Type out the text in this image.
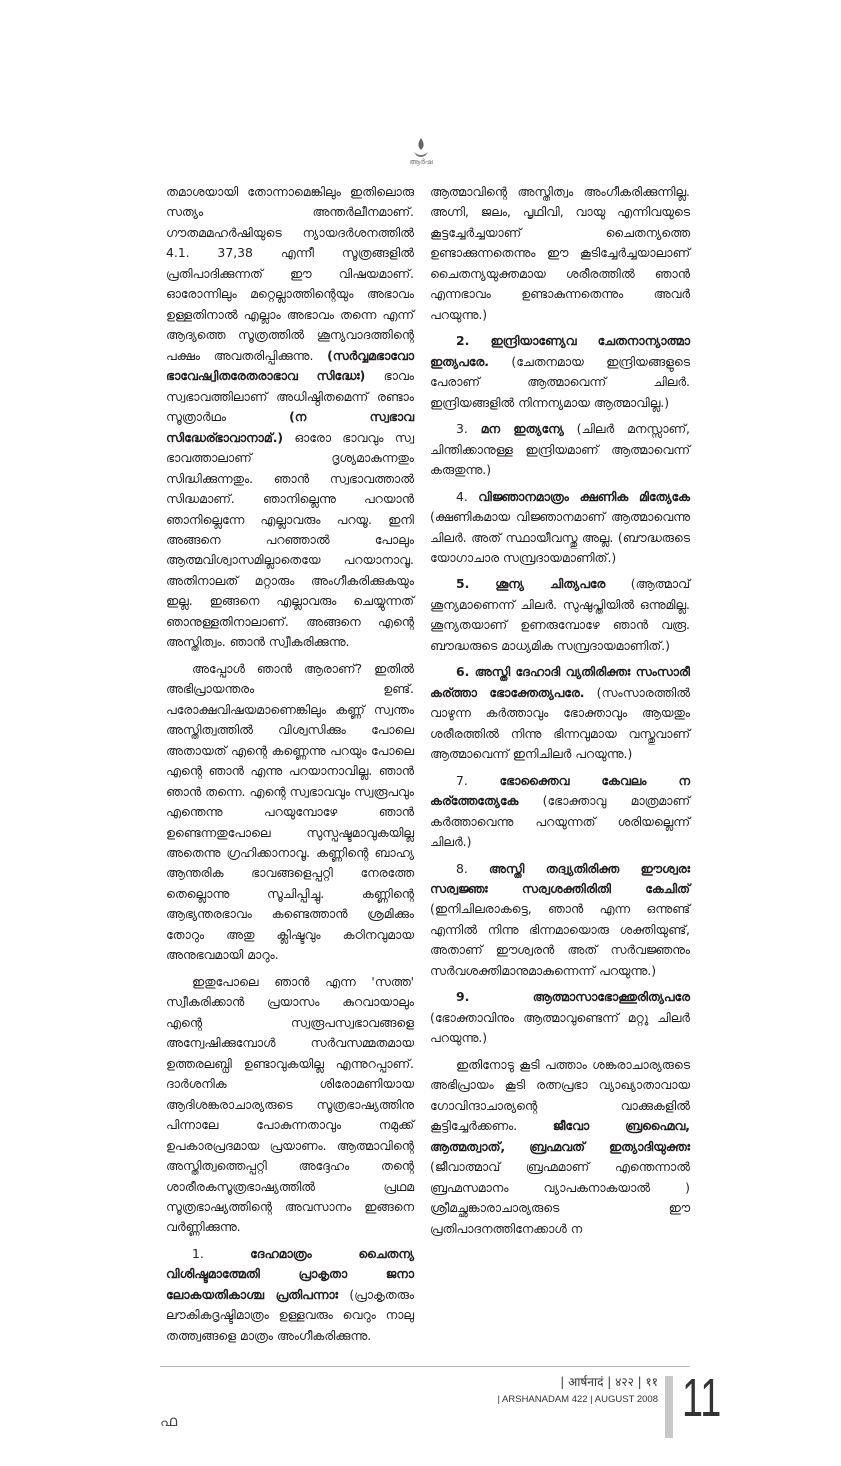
ആർഷ

തമാശയായി തോന്നാമെങ്കിലും ഇതിലൊരു സത്യം അന്തർലീനമാണ്. ഗൗതമമഹർഷിയുടെ ന്യായദർശനത്തിൽ 4.1. 37,38 എന്നീ സൂത്രങ്ങളിൽ പ്രതിപാദിക്കുന്നത് ഈ വിഷയമാണ്. ഓരോന്നിലും മറ്റെല്ലാത്തിന്റെയും അഭാവം ഉള്ളതിനാൽ എല്ലാം അഭാവം തന്നെ എന്ന് ആദ്യത്തെ സൂത്രത്തിൽ ശൂന്യവാദത്തിന്റെ പക്ഷം അവതരിപ്പിക്കുന്നു. (സർവ്വമഭാവോ ഭാവേഷ്വിതരേതരാഭാവ സിദ്ധേഃ) ഭാവം സ്വഭാവത്തിലാണ് അധിഷ്ഠിതമെന്ന് രണ്ടാം സൂത്രാർഥം (ന സ്വഭാവ സിദ്ധേര്ഭാവാനാമ്.) ഓരോ ഭാവവും സ്വ ഭാവത്താലാണ് ദൃശ്യമാകുന്നതും സിദ്ധിക്കുന്നതും. ഞാൻ സ്വഭാവത്താൽ സിദ്ധമാണ്. ഞാനില്ലെന്നു പറയാൻ ഞാനില്ലെന്നേ എല്ലാവരും പറയൂ. ഇനി അങ്ങനെ പറഞ്ഞാൽ പോലും ആത്മവിശ്വാസമില്ലാതെയേ പറയാനാവൂ. അതിനാലത് മറ്റാരും അംഗീകരിക്കുകയും ഇല്ല. ഇങ്ങനെ എല്ലാവരും ചെയ്യുന്നത് ഞാനുള്ളതിനാലാണ്. അങ്ങനെ എന്റെ അസ്തിത്വം. ഞാൻ സ്വീകരിക്കുന്നു.

അപ്പോൾ ഞാൻ ആരാണ്? ഇതിൽ അഭിപ്രായന്തരം ഉണ്ട്. പരോക്ഷവിഷയമാണെങ്കിലും കണ്ണ് സ്വന്തം അസ്തിത്വത്തിൽ വിശ്വസിക്കും പോലെ അതായത് എന്റെ കണ്ണെന്നു പറയും പോലെ എന്റെ ഞാൻ എന്നു പറയാനാവില്ല. ഞാൻ ഞാൻ തന്നെ. എന്റെ സ്വഭാവവും സ്വരൂപവും എന്തെന്നു പറയുമ്പോഴേ ഞാൻ ഉണ്ടെന്നതുപോലെ സുസ്പഷ്ടമാവുകയില്ല അതെന്നു ഗ്രഹിക്കാനാവൂ. കണ്ണിന്റെ ബാഹ്യ ആന്തരിക ഭാവങ്ങളെപ്പറ്റി നേരത്തേ തെല്ലൊന്നു സൂചിപ്പിച്ചു. കണ്ണിന്റെ ആഭ്യന്തരഭാവം കണ്ടെത്താൻ ശ്രമിക്കും തോറും അതു ക്ലിഷ്ടവും കഠിനവുമായ അനുഭവമായി മാറും.

ഇതുപോലെ ഞാൻ എന്ന 'സത്ത' സ്വീകരിക്കാൻ പ്രയാസം കുറവായാലും എന്റെ സ്വരൂപസ്വഭാവങ്ങളെ അന്വേഷിക്കുമ്പോൾ സർവസമ്മതമായ ഉത്തരലബ്ധി ഉണ്ടാവുകയില്ല എന്നുറപ്പാണ്. ദാർശനിക ശിരോമണിയായ ആദിശങ്കരാചാര്യരുടെ സൂത്രഭാഷ്യത്തിനു പിന്നാലേ പോകുന്നതാവും നമുക്ക് ഉപകാരപ്രദമായ പ്രയാണം. ആത്മാവിന്റെ അസ്തിത്വത്തെപ്പറ്റി അദ്ദേഹം തന്റെ ശാരീരകസൂത്രഭാഷ്യത്തിൽ പ്രഥമ സൂത്രഭാഷ്യത്തിന്റെ അവസാനം ഇങ്ങനെ വർണ്ണിക്കുന്നു.

1. ദേഹമാത്രം ചൈതന്യ വിശിഷ്ടമാത്മേതി പ്രാകൃതാ ജനാ ലോകയതികാശ്ച പ്രതിപന്നാഃ (പ്രാകൃതരും ലൗകികദൃഷ്ടിമാത്രം ഉള്ളവരും വെറും നാലു തത്ത്വങ്ങളെ മാത്രം അംഗീകരിക്കുന്നു.

ആത്മാവിന്റെ അസ്തിത്വം അംഗീകരിക്കുന്നില്ല. അഗ്നി, ജലം, പൃഥിവി, വായു എന്നിവയുടെ കൂട്ടച്ചേർച്ചയാണ് ചൈതന്യത്തെ ഉണ്ടാക്കുന്നതെന്നും ഈ കൂടിച്ചേർച്ചയാലാണ് ചൈതന്യയുക്തമായ ശരീരത്തിൽ ഞാൻ എന്നഭാവം ഉണ്ടാകുന്നതെന്നും അവർ പറയുന്നു.)

2. ഇന്ദ്രിയാണ്യേവ ചേതനാന്യാത്മാ ഇത്യപരേ. (ചേതനമായ ഇന്ദ്രിയങ്ങളുടെ പേരാണ് ആത്മാവെന്ന് ചിലർ. ഇന്ദ്രിയങ്ങളിൽ നിന്നന്യമായ ആത്മാവില്ല.)

3. മന ഇത്യന്യേ (ചിലർ മനസ്സാണ്, ചിന്തിക്കാനുള്ള ഇന്ദ്രിയമാണ് ആത്മാവെന്ന് കരുതുന്നു.)

4. വിജ്ഞാനമാത്രം ക്ഷണിക മിത്യേകേ (ക്ഷണികമായ വിജ്ഞാനമാണ് ആത്മാവെന്നു ചിലർ. അത് സ്ഥായീവസ്തു അല്ല. (ബൗദ്ധരുടെ യോഗാചാര സമ്പ്രദായമാണിത്.)

5. ശൂന്യ ചിത്യപരേ (ആത്മാവ് ശൂന്യമാണെന്ന് ചിലർ. സുഷുപ്തിയിൽ ഒന്നുമില്ല. ശൂന്യതയാണ് ഉണരുമ്പോഴേ ഞാൻ വരൂ. ബൗദ്ധരുടെ മാധ്യമിക സമ്പ്രദായമാണിത്.)

6. അസ്തി ദേഹാദി വ്യതിരിക്തഃ സംസാരീ കര്ത്താ ഭോക്തേത്യപരേ. (സംസാരത്തിൽ വാഴുന്ന കർത്താവും ഭോക്താവും ആയതും ശരീരത്തിൽ നിന്നു ഭിന്നവുമായ വസ്തുവാണ് ആത്മാവെന്ന് ഇനിചിലർ പറയുന്നു.)

7. ഭോക്തൈവ കേവലം ന കര്ത്തേത്യേകേ (ഭോക്താവു മാത്രമാണ് കർത്താവെന്നു പറയുന്നത് ശരിയല്ലെന്ന് ചിലർ.)

8. അസ്തി തദ്വ്യതിരിക്ത ഈശ്വരഃ സര്വജ്ഞഃ സര്വശക്തിരിതി കേചിത് (ഇനിചിലരാകട്ടെ, ഞാൻ എന്ന ഒന്നുണ്ട് എന്നിൽ നിന്നു ഭിന്നമായൊരു ശക്തിയുണ്ട്, അതാണ് ഈശ്വരൻ അത് സർവജ്ഞനും സർവശക്തിമാനുമാകുന്നെന്ന് പറയുന്നു.)

9. ആത്മാസാഭോക്തുരിത്യപരേ (ഭോക്താവിനും ആത്മാവുണ്ടെന്ന് മറ്റു ചിലർ പറയുന്നു.)

ഇതിനോടു കൂടി പത്താം ശങ്കരാചാര്യരുടെ അഭിപ്രായം കൂടി രത്നപ്രഭാ വ്യാഖ്യാതാവായ ഗോവിന്ദാചാര്യന്റെ വാക്കുകളിൽ കൂട്ടിച്ചേർക്കണം. ജീവോ ബ്രഹ്മൈവ, ആത്മത്വാത്, ബ്രഹ്മവത് ഇത്യാദിയുക്തഃ (ജീവാത്മാവ് ബ്രഹ്മമാണ് എന്തെന്നാൽ ബ്രഹ്മസമാനം വ്യാപകനാകയാൽ ) ശ്രീമച്ഛങ്കാരാചാര്യരുടെ ഈ പ്രതിപാദനത്തിനേക്കാൾ ന

ഫ
| आर्षनादं | ४२२ | ११
| ARSHANADAM 422 | AUGUST 2008 11
